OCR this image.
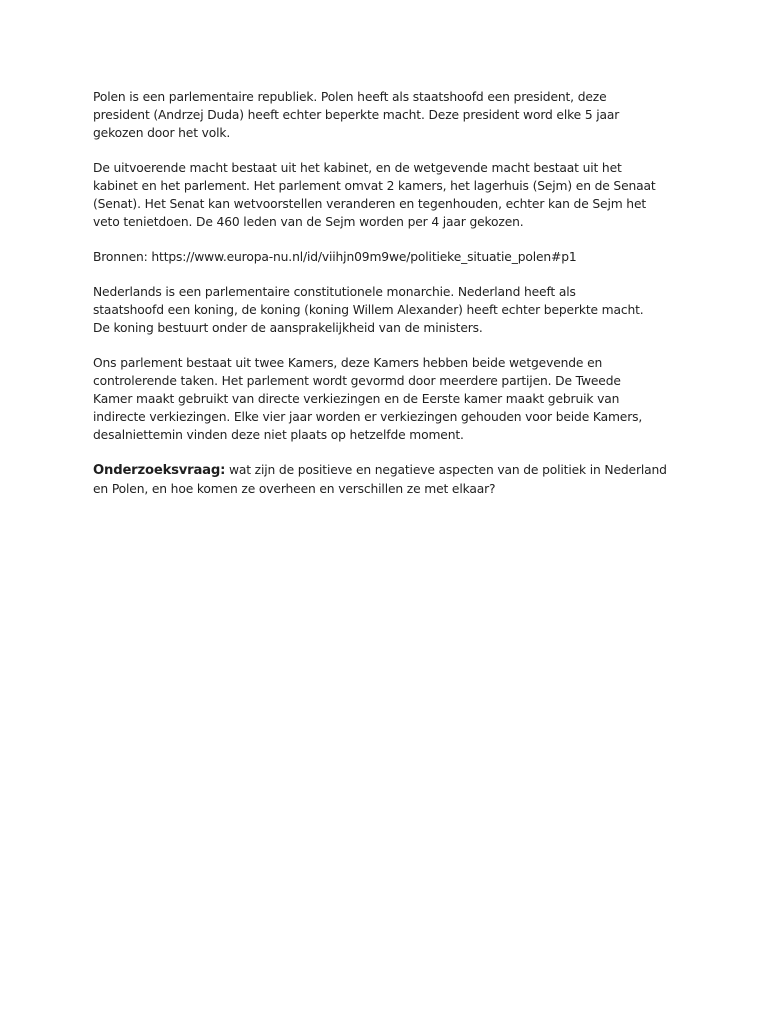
Polen is een parlementaire republiek. Polen heeft als staatshoofd een president, deze
president (Andrzej Duda) heeft echter beperkte macht. Deze president word elke 5 jaar
gekozen door het volk.
De uitvoerende macht bestaat uit het kabinet, en de wetgevende macht bestaat uit het
kabinet en het parlement. Het parlement omvat 2 kamers, het lagerhuis (Sejm) en de Senaat
(Senat). Het Senat kan wetvoorstellen veranderen en tegenhouden, echter kan de Sejm het
veto tenietdoen. De 460 leden van de Sejm worden per 4 jaar gekozen.
Bronnen: https://www.europa-nu.nl/id/viihjn09m9we/politieke_situatie_polen#p1
Nederlands is een parlementaire constitutionele monarchie. Nederland heeft als
staatshoofd een koning, de koning (koning Willem Alexander) heeft echter beperkte macht.
De koning bestuurt onder de aansprakelijkheid van de ministers.
Ons parlement bestaat uit twee Kamers, deze Kamers hebben beide wetgevende en
controlerende taken. Het parlement wordt gevormd door meerdere partijen. De Tweede
Kamer maakt gebruikt van directe verkiezingen en de Eerste kamer maakt gebruik van
indirecte verkiezingen. Elke vier jaar worden er verkiezingen gehouden voor beide Kamers,
desalniettemin vinden deze niet plaats op hetzelfde moment.
Onderzoeksvraag: wat zijn de positieve en negatieve aspecten van de politiek in Nederland
en Polen, en hoe komen ze overheen en verschillen ze met elkaar?
